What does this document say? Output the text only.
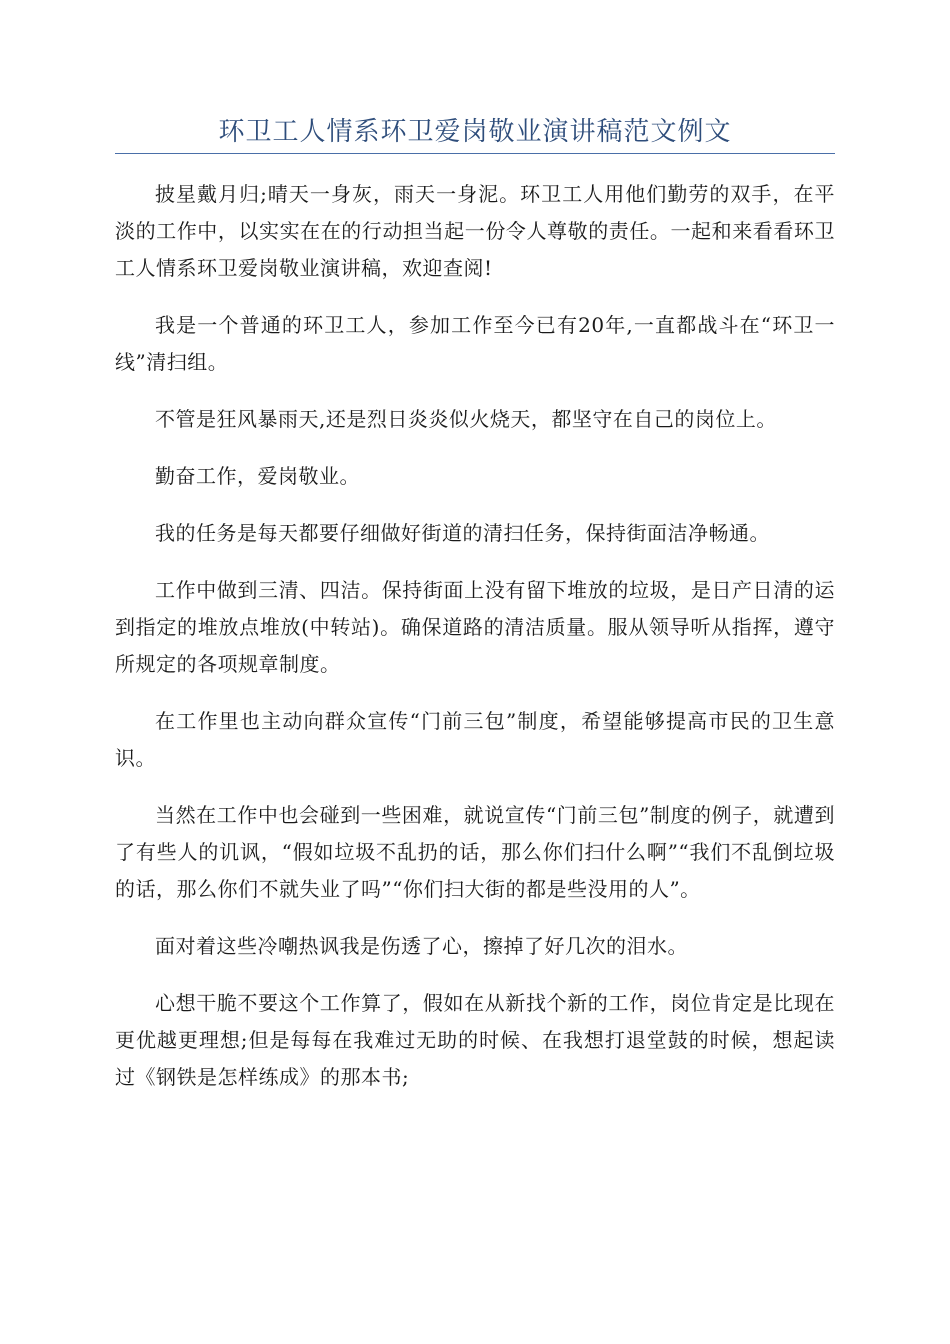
环卫工人情系环卫爱岗敬业演讲稿范文例文

披星戴月归;晴天一身灰，雨天一身泥。环卫工人用他们勤劳的双手，在平淡的工作中，以实实在在的行动担当起一份令人尊敬的责任。一起和来看看环卫工人情系环卫爱岗敬业演讲稿，欢迎查阅!

我是一个普通的环卫工人，参加工作至今已有20年,一直都战斗在“环卫一线”清扫组。

不管是狂风暴雨天,还是烈日炎炎似火烧天，都坚守在自己的岗位上。

勤奋工作，爱岗敬业。

我的任务是每天都要仔细做好街道的清扫任务，保持街面洁净畅通。

工作中做到三清、四洁。保持街面上没有留下堆放的垃圾，是日产日清的运到指定的堆放点堆放(中转站)。确保道路的清洁质量。服从领导听从指挥，遵守所规定的各项规章制度。

在工作里也主动向群众宣传“门前三包”制度，希望能够提高市民的卫生意识。

当然在工作中也会碰到一些困难，就说宣传“门前三包”制度的例子，就遭到了有些人的讥讽，“假如垃圾不乱扔的话，那么你们扫什么啊”“我们不乱倒垃圾的话，那么你们不就失业了吗”“你们扫大街的都是些没用的人”。

面对着这些冷嘲热讽我是伤透了心，擦掉了好几次的泪水。

心想干脆不要这个工作算了，假如在从新找个新的工作，岗位肯定是比现在更优越更理想;但是每每在我难过无助的时候、在我想打退堂鼓的时候，想起读过《钢铁是怎样练成》的那本书;
